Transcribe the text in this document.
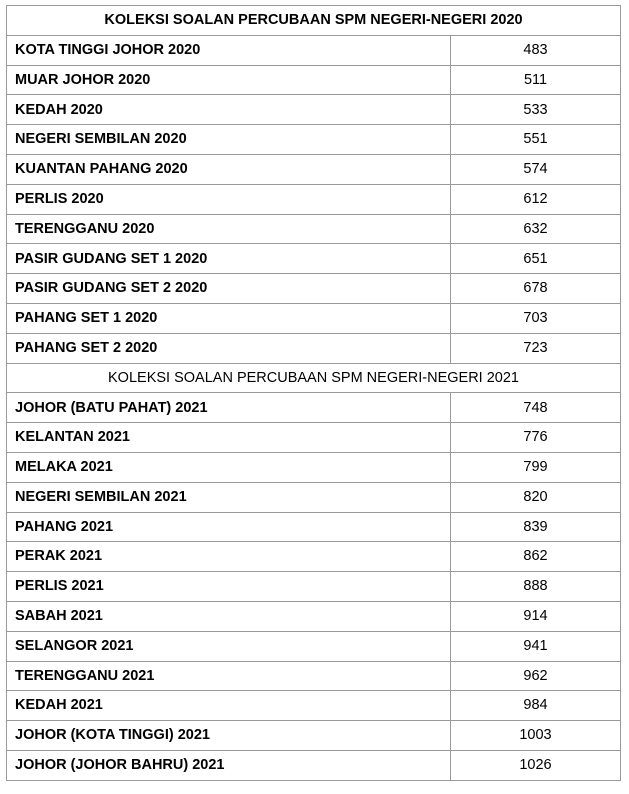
KOLEKSI SOALAN PERCUBAAN SPM NEGERI-NEGERI 2020	
KOTA TINGGI JOHOR 2020	483
MUAR JOHOR 2020	511
KEDAH 2020	533
NEGERI SEMBILAN 2020	551
KUANTAN PAHANG 2020	574
PERLIS 2020	612
TERENGGANU 2020	632
PASIR GUDANG SET 1 2020	651
PASIR GUDANG SET 2 2020	678
PAHANG SET 1 2020	703
PAHANG SET 2 2020	723
KOLEKSI SOALAN PERCUBAAN SPM NEGERI-NEGERI 2021	
JOHOR (BATU PAHAT) 2021	748
KELANTAN 2021	776
MELAKA 2021	799
NEGERI SEMBILAN 2021	820
PAHANG 2021	839
PERAK 2021	862
PERLIS 2021	888
SABAH 2021	914
SELANGOR 2021	941
TERENGGANU 2021	962
KEDAH 2021	984
JOHOR (KOTA TINGGI) 2021	1003
JOHOR (JOHOR BAHRU) 2021	1026
